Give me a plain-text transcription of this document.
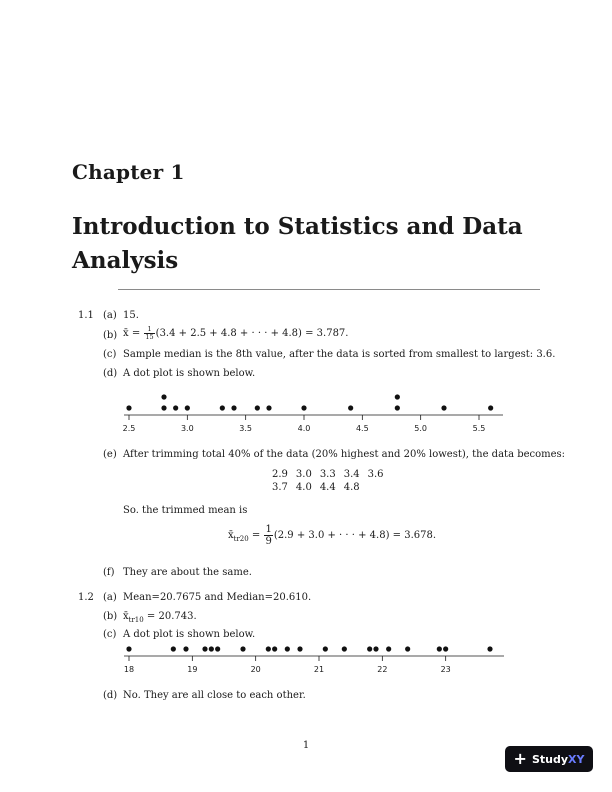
Chapter 1
Introduction to Statistics and Data Analysis
1.1 (a) 15.
(b) x̄ = $\frac{1}{15} (3.4 + 2.5 + 4.8$ + · · · + 4.8) = 3.787.
(c) Sample median is the 8th value, after the data is sorted from smallest to largest: 3.6.
(d) A dot plot is shown below.
2.5	3.0	3.5	4.0	4.5	5.0	5.5
(e) After trimming total 40% of the data (20% highest and 20% lowest), the data becomes:
2.9	3.0	3.3	3.4	3.6
3.7	4.0	4.4	4.8	
So. the trimmed mean is
$x̄_{tr20} = \frac{1}{9} (2.9 + 3.0$ + · · · + 4.8) = 3.678.
(f) They are about the same.
1.2 (a) Mean=20.7675 and Median=20.610.
(b) $x̄_{tr10} = 20.743$.
(c) A dot plot is shown below.
18	19	20	21	22	23
(d) No. They are all close to each other.
1
+ StudyXY
